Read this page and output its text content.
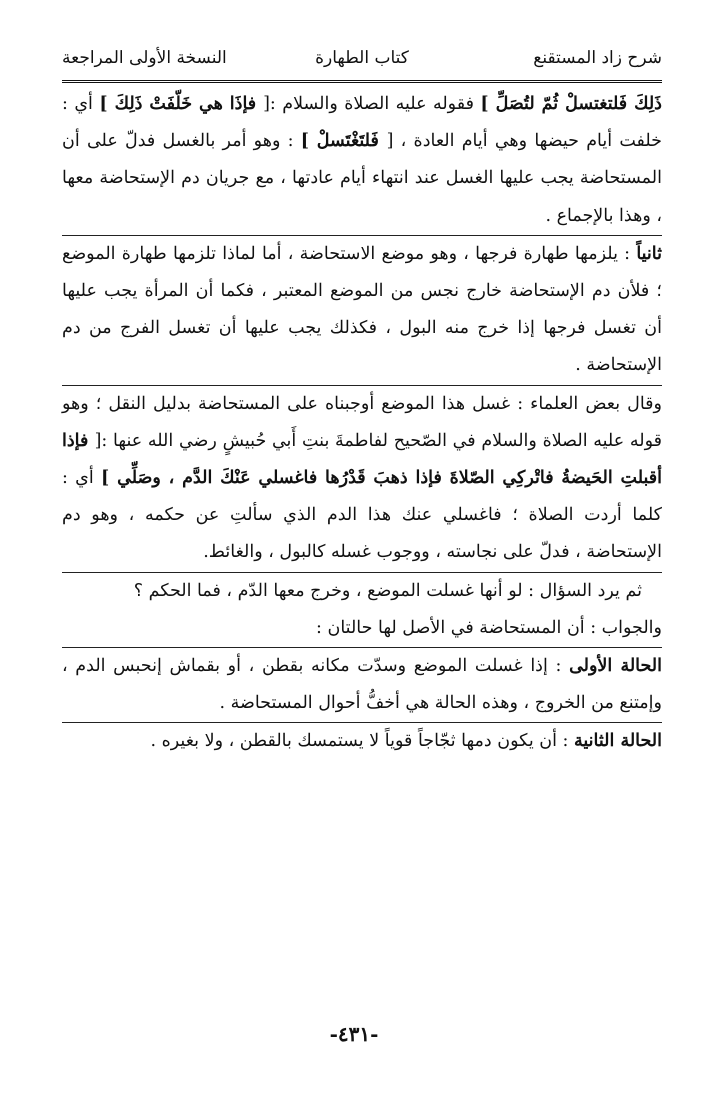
شرح زاد المستقنع
كتاب الطهارة
النسخة الأولى المراجعة
ذَلِكَ فَلتغتسلْ ثُمّ لتُصَلِّ ] فقوله عليه الصلاة والسلام :[ فإذَا هي خَلّفَتْ ذَلِكَ ] أي : خلفت أيام حيضها وهي أيام العادة ، [ فَلتَغْتَسلْ ] : وهو أمر بالغسل فدلّ على أن المستحاضة يجب عليها الغسل عند انتهاء أيام عادتها ، مع جريان دم الإستحاضة معها ، وهذا بالإجماع .
ثانياً : يلزمها طهارة فرجها ، وهو موضع الاستحاضة ، أما لماذا تلزمها طهارة الموضع ؛ فلأن دم الإستحاضة خارج نجس من الموضع المعتبر ، فكما أن المرأة يجب عليها أن تغسل فرجها إذا خرج منه البول ، فكذلك يجب عليها أن تغسل الفرج من دم الإستحاضة .
وقال بعض العلماء : غسل هذا الموضع أوجبناه على المستحاضة بدليل النقل ؛ وهو قوله عليه الصلاة والسلام في الصّحيح لفاطمةَ بنتِ أَبي حُبيشٍ رضي الله عنها :[ فإذا أقبلتِ الحَيضةُ فاتْركِي الصّلاةَ فإذا ذهبَ قَدْرُها فاغسلي عَنْكَ الدَّم ، وصَلِّي ] أي : كلما أردت الصلاة ؛ فاغسلي عنك هذا الدم الذي سألتِ عن حكمه ، وهو دم الإستحاضة ، فدلّ على نجاسته ، ووجوب غسله كالبول ، والغائط.
ثم يرد السؤال : لو أنها غسلت الموضع ، وخرج معها الدّم ، فما الحكم ؟
والجواب : أن المستحاضة في الأصل لها حالتان :
الحالة الأولى : إذا غسلت الموضع وسدّت مكانه بقطن ، أو بقماش إنحبس الدم ، وإمتنع من الخروج ، وهذه الحالة هي أخفُّ أحوال المستحاضة .
الحالة الثانية : أن يكون دمها ثجّاجاً قوياً لا يستمسك بالقطن ، ولا بغيره .
-٤٣١-
